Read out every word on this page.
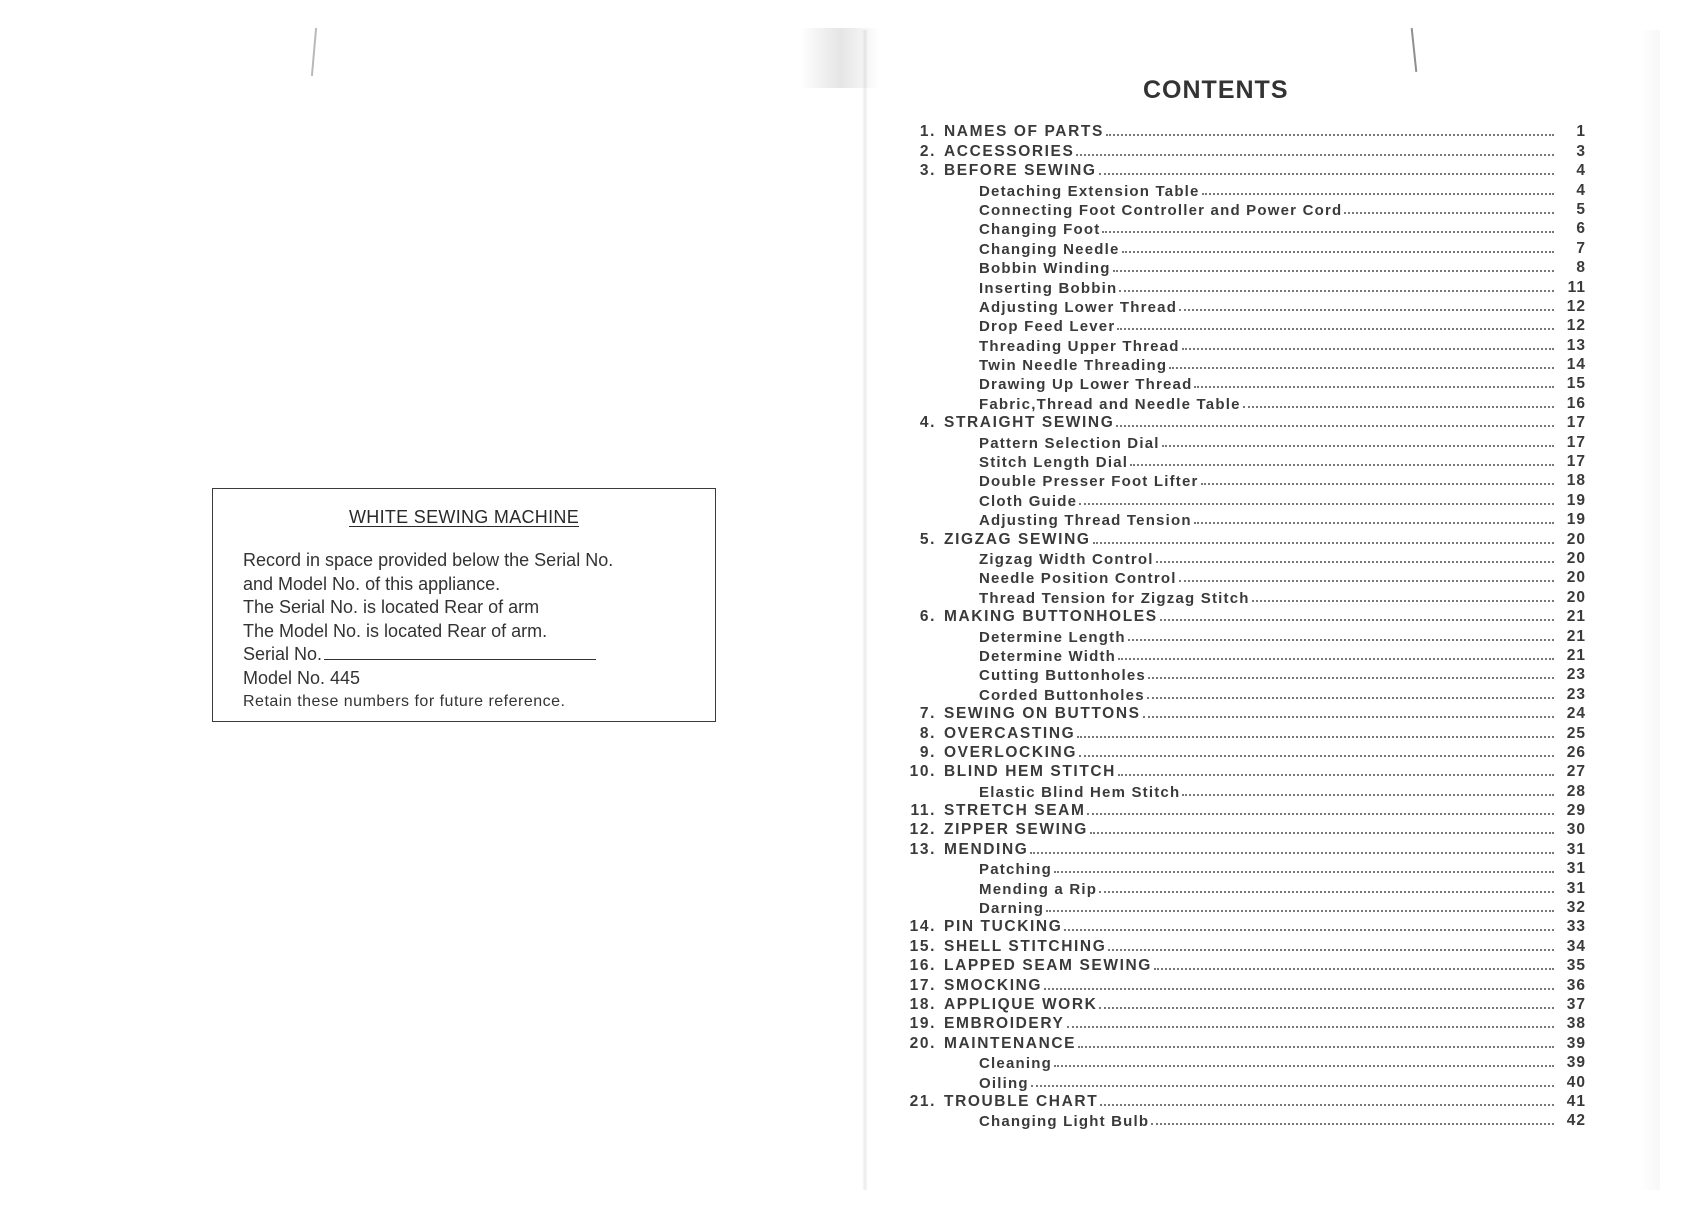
WHITE SEWING MACHINE
Record in space provided below the Serial No.
and Model No. of this appliance.
The Serial No. is located Rear of arm
The Model No. is located Rear of arm.
Serial No.
Model No. 445
Retain these numbers for future reference.
CONTENTS
1. NAMES OF PARTS	1
2. ACCESSORIES	3
3. BEFORE SEWING	4
Detaching Extension Table	4
Connecting Foot Controller and Power Cord	5
Changing Foot	6
Changing Needle	7
Bobbin Winding	8
Inserting Bobbin	11
Adjusting Lower Thread	12
Drop Feed Lever	12
Threading Upper Thread	13
Twin Needle Threading	14
Drawing Up Lower Thread	15
Fabric,Thread and Needle Table	16
4. STRAIGHT SEWING	17
Pattern Selection Dial	17
Stitch Length Dial	17
Double Presser Foot Lifter	18
Cloth Guide	19
Adjusting Thread Tension	19
5. ZIGZAG SEWING	20
Zigzag Width Control	20
Needle Position Control	20
Thread Tension for Zigzag Stitch	20
6. MAKING BUTTONHOLES	21
Determine Length	21
Determine Width	21
Cutting Buttonholes	23
Corded Buttonholes	23
7. SEWING ON BUTTONS	24
8. OVERCASTING	25
9. OVERLOCKING	26
10. BLIND HEM STITCH	27
Elastic Blind Hem Stitch	28
11. STRETCH SEAM	29
12. ZIPPER SEWING	30
13. MENDING	31
Patching	31
Mending a Rip	31
Darning	32
14. PIN TUCKING	33
15. SHELL STITCHING	34
16. LAPPED SEAM SEWING	35
17. SMOCKING	36
18. APPLIQUE WORK	37
19. EMBROIDERY	38
20. MAINTENANCE	39
Cleaning	39
Oiling	40
21. TROUBLE CHART	41
Changing Light Bulb	42
